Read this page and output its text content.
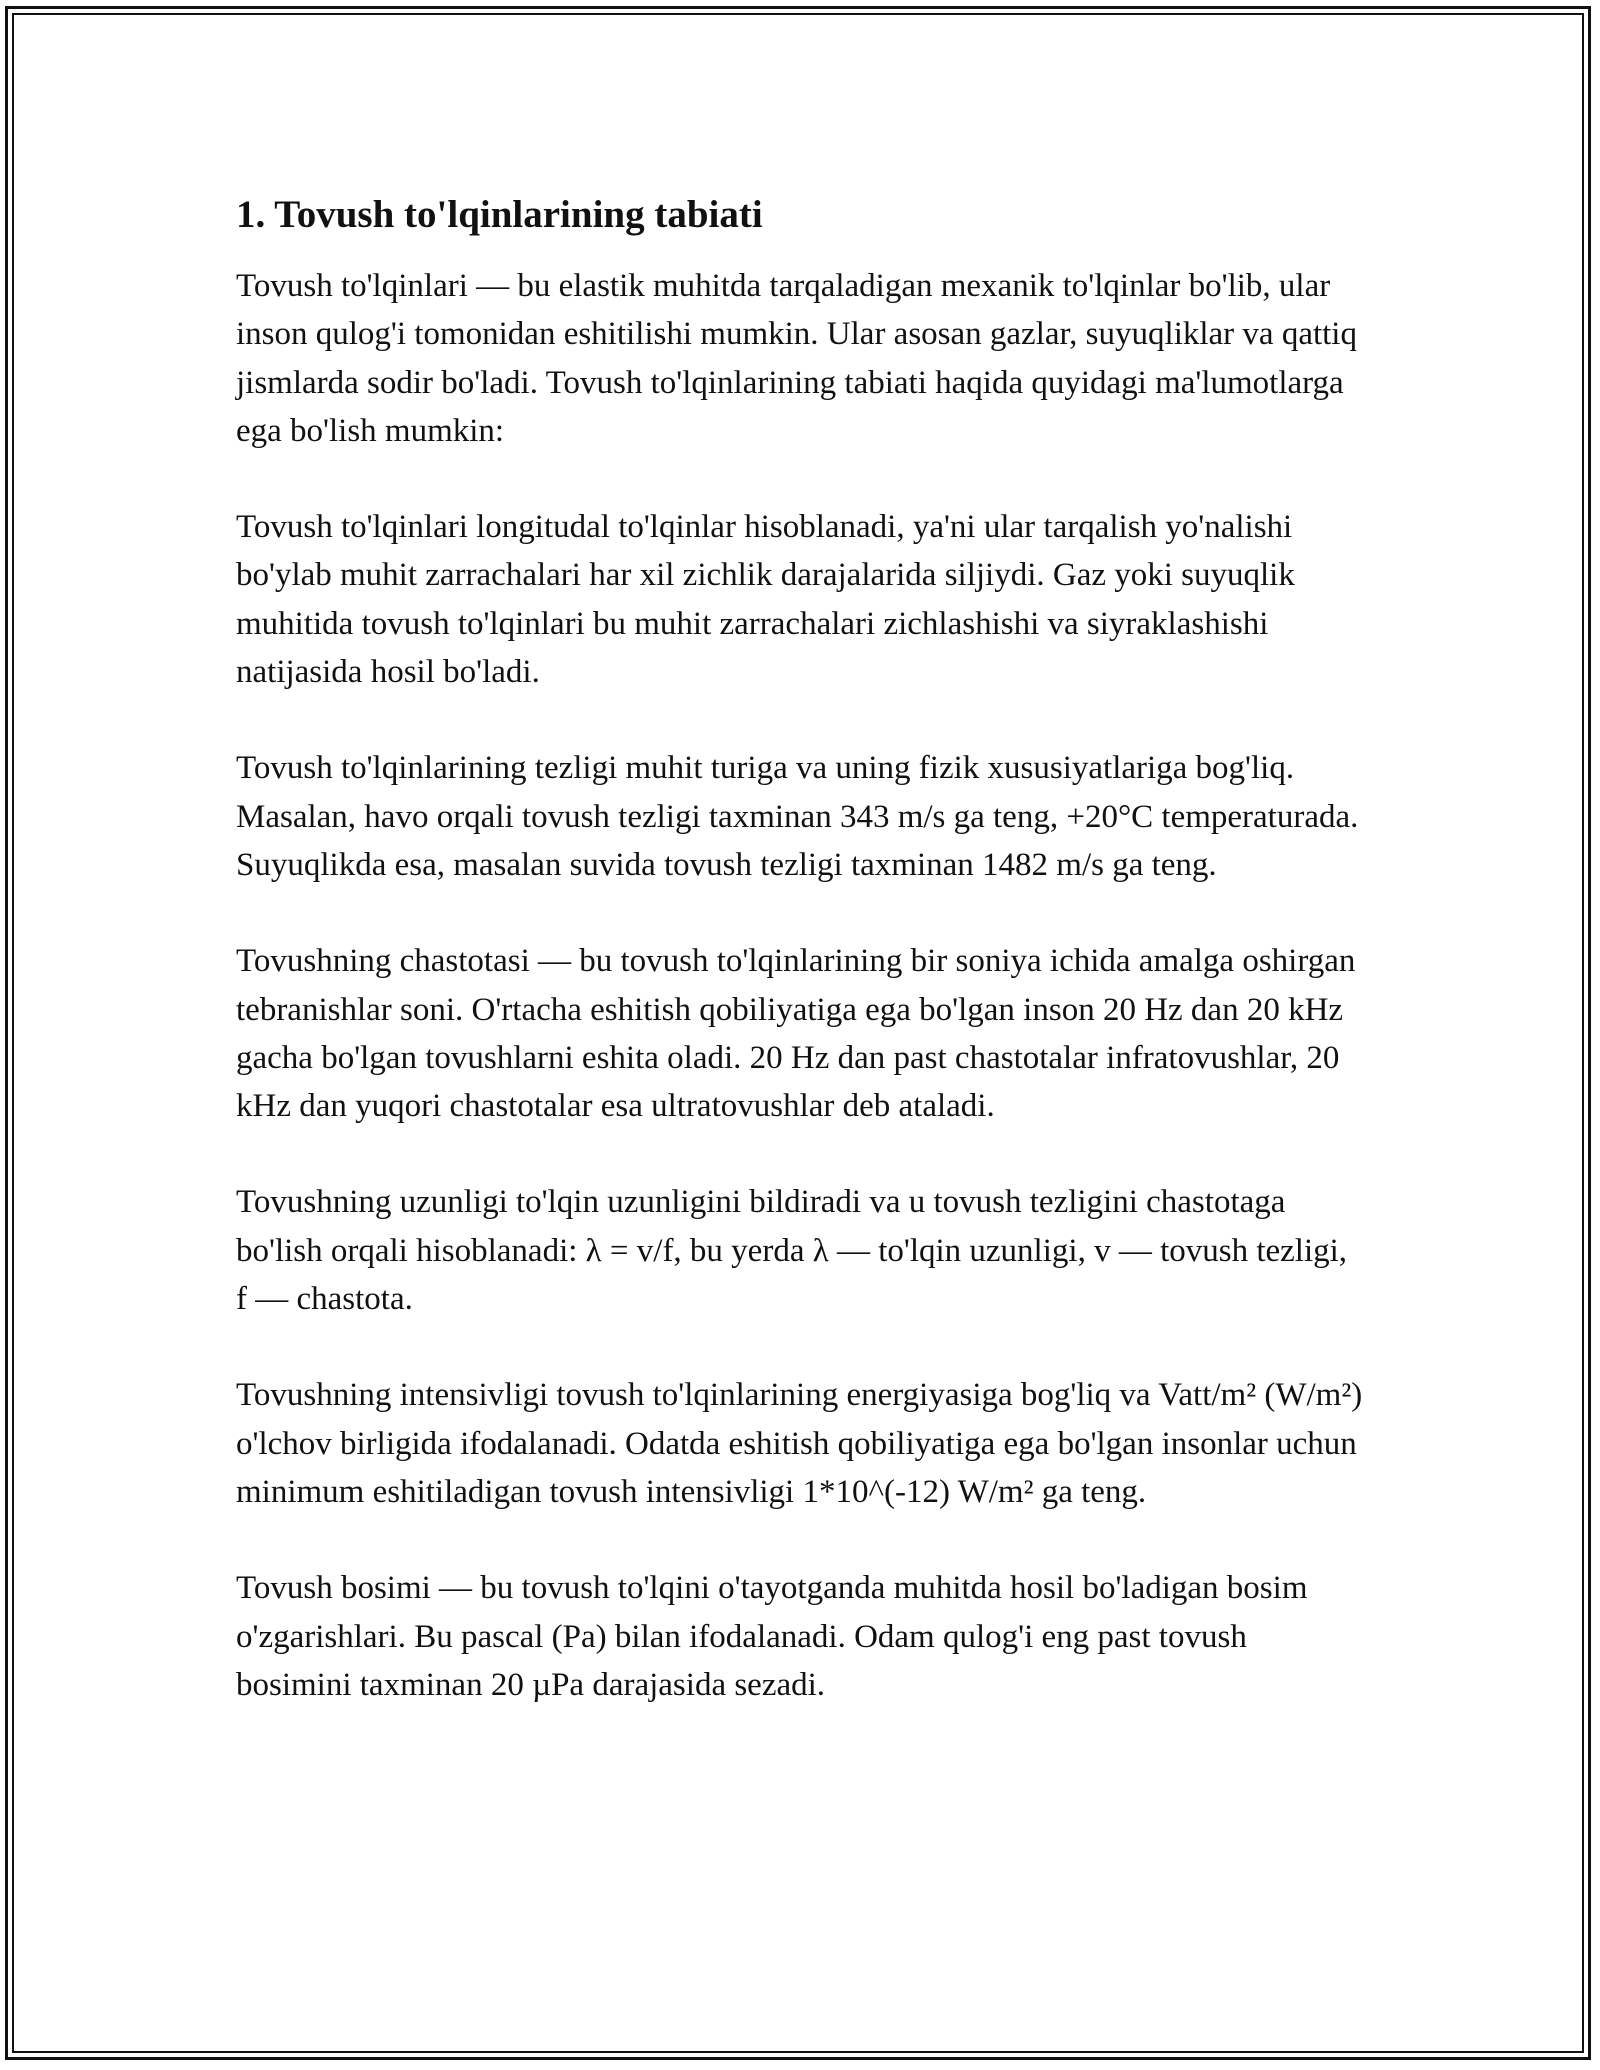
1. Tovush to'lqinlarining tabiati

Tovush to'lqinlari — bu elastik muhitda tarqaladigan mexanik to'lqinlar bo'lib, ular inson qulog'i tomonidan eshitilishi mumkin. Ular asosan gazlar, suyuqliklar va qattiq jismlarda sodir bo'ladi. Tovush to'lqinlarining tabiati haqida quyidagi ma'lumotlarga ega bo'lish mumkin:

Tovush to'lqinlari longitudal to'lqinlar hisoblanadi, ya'ni ular tarqalish yo'nalishi bo'ylab muhit zarrachalari har xil zichlik darajalarida siljiydi. Gaz yoki suyuqlik muhitida tovush to'lqinlari bu muhit zarrachalari zichlashishi va siyraklashishi natijasida hosil bo'ladi.

Tovush to'lqinlarining tezligi muhit turiga va uning fizik xususiyatlariga bog'liq. Masalan, havo orqali tovush tezligi taxminan 343 m/s ga teng, +20°C temperaturada. Suyuqlikda esa, masalan suvida tovush tezligi taxminan 1482 m/s ga teng.

Tovushning chastotasi — bu tovush to'lqinlarining bir soniya ichida amalga oshirgan tebranishlar soni. O'rtacha eshitish qobiliyatiga ega bo'lgan inson 20 Hz dan 20 kHz gacha bo'lgan tovushlarni eshita oladi. 20 Hz dan past chastotalar infratovushlar, 20 kHz dan yuqori chastotalar esa ultratovushlar deb ataladi.

Tovushning uzunligi to'lqin uzunligini bildiradi va u tovush tezligini chastotaga bo'lish orqali hisoblanadi: λ = v/f, bu yerda λ — to'lqin uzunligi, v — tovush tezligi, f — chastota.

Tovushning intensivligi tovush to'lqinlarining energiyasiga bog'liq va Vatt/m² (W/m²) o'lchov birligida ifodalanadi. Odatda eshitish qobiliyatiga ega bo'lgan insonlar uchun minimum eshitiladigan tovush intensivligi 1*10^(-12) W/m² ga teng.

Tovush bosimi — bu tovush to'lqini o'tayotganda muhitda hosil bo'ladigan bosim o'zgarishlari. Bu pascal (Pa) bilan ifodalanadi. Odam qulog'i eng past tovush bosimini taxminan 20 µPa darajasida sezadi.
